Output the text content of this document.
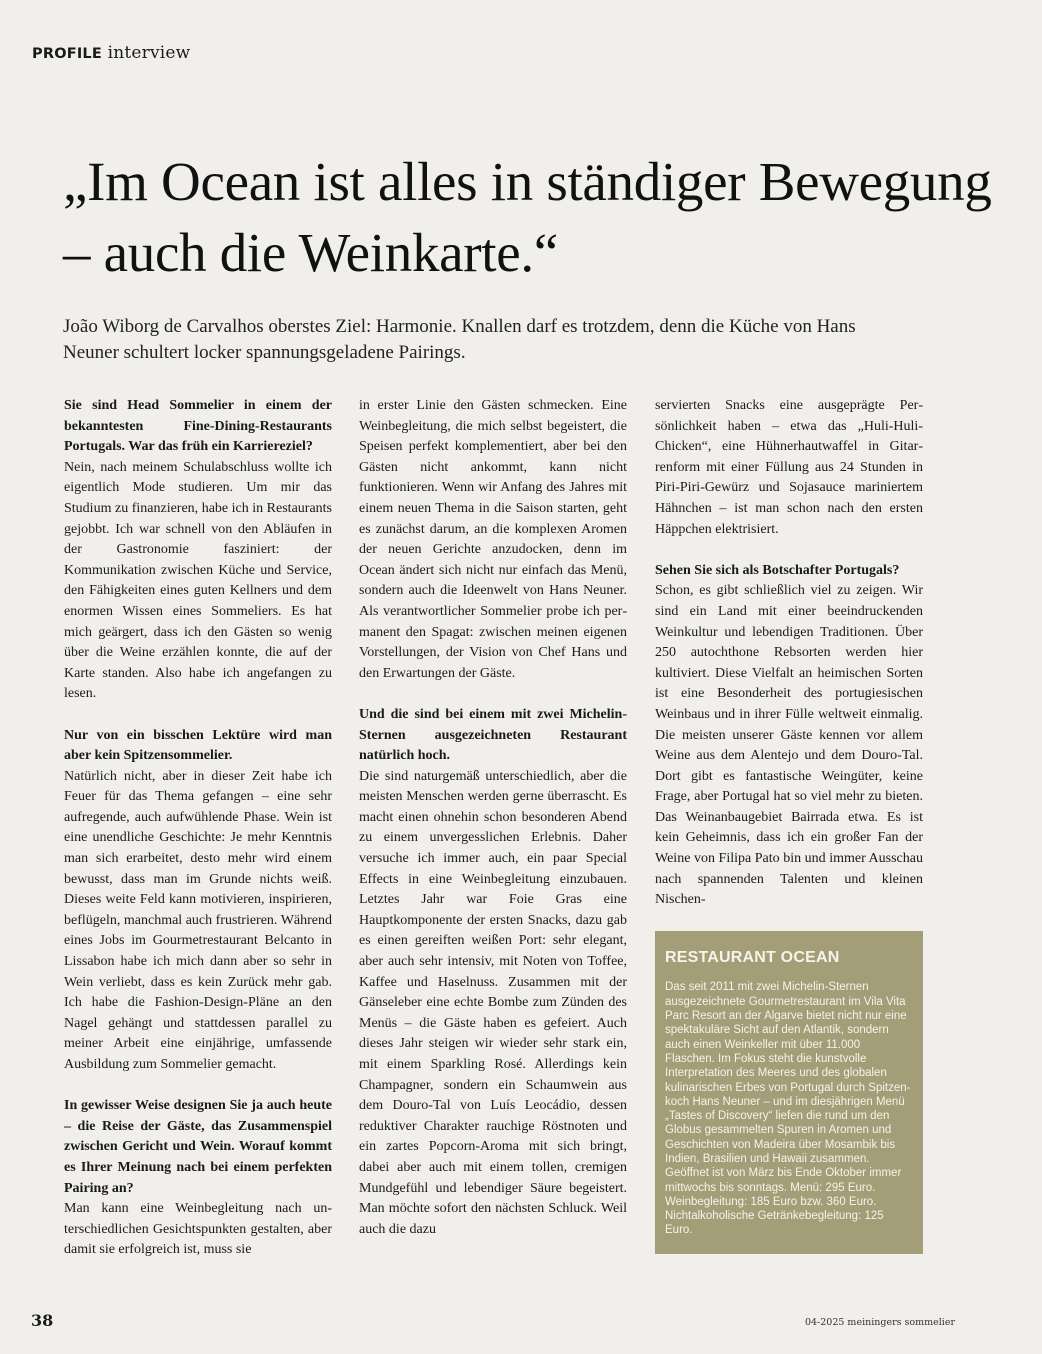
PROFILE interview
„Im Ocean ist alles in ständiger Bewegung – auch die Weinkarte.“

João Wiborg de Carvalhos oberstes Ziel: Harmonie. Knallen darf es trotzdem, denn die Küche von Hans Neuner schultert locker spannungsgeladene Pairings.

Sie sind Head Sommelier in einem der bekanntesten Fine-Dining-Restaurants Portugals. War das früh ein Karriereziel?

Nein, nach meinem Schulabschluss wollte ich eigentlich Mode studieren. Um mir das Studium zu finanzieren, habe ich in Restaurants gejobbt. Ich war schnell von den Abläufen in der Gastronomie fasziniert: der Kommunikation zwischen Küche und Service, den Fähigkeiten eines guten Kellners und dem enormen Wissen eines Sommeliers. Es hat mich geärgert, dass ich den Gästen so wenig über die Weine erzählen konnte, die auf der Karte standen. Also habe ich angefangen zu lesen.

Nur von ein bisschen Lektüre wird man aber kein Spitzensommelier.

Natürlich nicht, aber in dieser Zeit habe ich Feuer für das Thema gefangen – eine sehr aufregende, auch aufwühlende Phase. Wein ist eine unendliche Geschichte: Je mehr Kenntnis man sich erarbeitet, desto mehr wird einem bewusst, dass man im Grunde nichts weiß. Dieses weite Feld kann motivieren, inspirieren, beflügeln, manchmal auch frustrieren. Während eines Jobs im Gourmetrestaurant Belcanto in Lissabon habe ich mich dann aber so sehr in Wein verliebt, dass es kein Zurück mehr gab. Ich habe die Fashion-Design-Pläne an den Nagel gehängt und stattdessen parallel zu meiner Arbeit eine einjährige, umfassende Ausbildung zum Sommelier gemacht.

In gewisser Weise designen Sie ja auch heute – die Reise der Gäste, das Zusammenspiel zwischen Gericht und Wein. Worauf kommt es Ihrer Meinung nach bei einem perfekten Pairing an?

Man kann eine Weinbegleitung nach unterschiedlichen Gesichtspunkten gestalten, aber damit sie erfolgreich ist, muss sie

in erster Linie den Gästen schmecken. Eine Weinbegleitung, die mich selbst begeistert, die Speisen perfekt komplementiert, aber bei den Gästen nicht ankommt, kann nicht funktionieren. Wenn wir Anfang des Jahres mit einem neuen Thema in die Saison starten, geht es zunächst darum, an die komplexen Aromen der neuen Gerichte anzudocken, denn im Ocean ändert sich nicht nur einfach das Menü, sondern auch die Ideenwelt von Hans Neuner. Als verantwortlicher Sommelier probe ich permanent den Spagat: zwischen meinen eigenen Vorstellungen, der Vision von Chef Hans und den Erwartungen der Gäste.

Und die sind bei einem mit zwei Michelin-Sternen ausgezeichneten Restaurant natürlich hoch.

Die sind naturgemäß unterschiedlich, aber die meisten Menschen werden gerne überrascht. Es macht einen ohnehin schon besonderen Abend zu einem unvergesslichen Erlebnis. Daher versuche ich immer auch, ein paar Special Effects in eine Weinbegleitung einzubauen. Letztes Jahr war Foie Gras eine Hauptkomponente der ersten Snacks, dazu gab es einen gereiften weißen Port: sehr elegant, aber auch sehr intensiv, mit Noten von Toffee, Kaffee und Haselnuss. Zusammen mit der Gänseleber eine echte Bombe zum Zünden des Menüs – die Gäste haben es gefeiert. Auch dieses Jahr steigen wir wieder sehr stark ein, mit einem Sparkling Rosé. Allerdings kein Champagner, sondern ein Schaumwein aus dem Douro-Tal von Luís Leocádio, dessen reduktiver Charakter rauchige Röstnoten und ein zartes Popcorn-Aroma mit sich bringt, dabei aber auch mit einem tollen, cremigen Mundgefühl und lebendiger Säure begeistert. Man möchte sofort den nächsten Schluck. Weil auch die dazu

servierten Snacks eine ausgeprägte Persönlichkeit haben – etwa das „Huli-Huli-Chicken“, eine Hühnerhautwaffel in Gitarrenform mit einer Füllung aus 24 Stunden in Piri-Piri-Gewürz und Sojasauce mariniertem Hähnchen – ist man schon nach den ersten Häppchen elektrisiert.

Sehen Sie sich als Botschafter Portugals?

Schon, es gibt schließlich viel zu zeigen. Wir sind ein Land mit einer beeindruckenden Weinkultur und lebendigen Traditionen. Über 250 autochthone Rebsorten werden hier kultiviert. Diese Vielfalt an heimischen Sorten ist eine Besonderheit des portugiesischen Weinbaus und in ihrer Fülle weltweit einmalig. Die meisten unserer Gäste kennen vor allem Weine aus dem Alentejo und dem Douro-Tal. Dort gibt es fantastische Weingüter, keine Frage, aber Portugal hat so viel mehr zu bieten. Das Weinanbaugebiet Bairrada etwa. Es ist kein Geheimnis, dass ich ein großer Fan der Weine von Filipa Pato bin und immer Ausschau nach spannenden Talenten und kleinen Nischen-

RESTAURANT OCEAN

Das seit 2011 mit zwei Michelin-Sternen ausgezeichnete Gourmetrestaurant im Vila Vita Parc Resort an der Algarve bietet nicht nur eine spektakuläre Sicht auf den Atlantik, sondern auch einen Weinkeller mit über 11.000 Flaschen. Im Fokus steht die kunstvolle Interpretation des Meeres und des globalen kulinarischen Erbes von Portugal durch Spitzenkoch Hans Neuner – und im diesjährigen Menü „Tastes of Discovery“ liefen die rund um den Globus gesammelten Spuren in Aromen und Geschichten von Madeira über Mosambik bis Indien, Brasilien und Hawaii zusammen. Geöffnet ist von März bis Ende Oktober immer mittwochs bis sonntags. Menü: 295 Euro. Weinbegleitung: 185 Euro bzw. 360 Euro. Nichtalkoholische Getränkebegleitung: 125 Euro.

38	04-2025 meiningers sommelier
